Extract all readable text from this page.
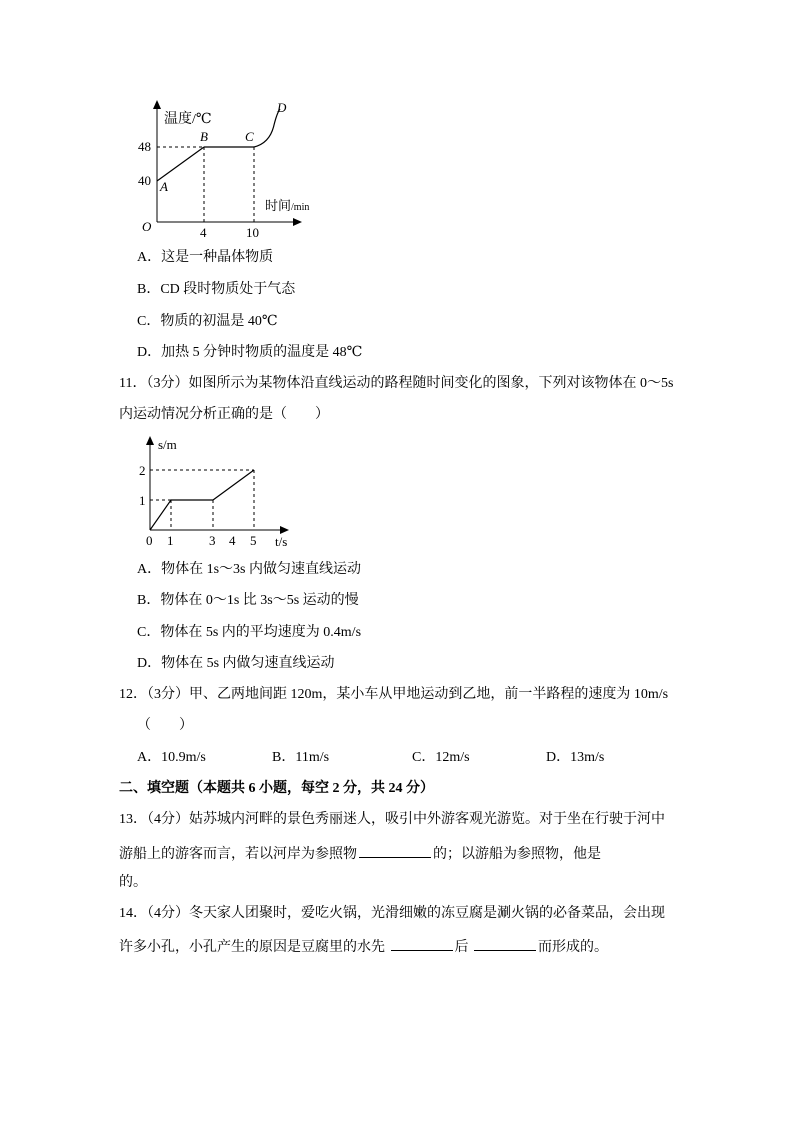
温度/℃
时间/min
O
48
40
4	10
A
B	C
D
A．这是一种晶体物质
B．CD 段时物质处于气态
C．物质的初温是 40℃
D．加热 5 分钟时物质的温度是 48℃
11．（3分）如图所示为某物体沿直线运动的路程随时间变化的图象，下列对该物体在 0～5s
内运动情况分析正确的是（　　）
s/m
t/s
2
1
0 1	3 4 5
A．物体在 1s～3s 内做匀速直线运动
B．物体在 0～1s 比 3s～5s 运动的慢
C．物体在 5s 内的平均速度为 0.4m/s
D．物体在 5s 内做匀速直线运动
12．（3分）甲、乙两地间距 120m，某小车从甲地运动到乙地，前一半路程的速度为 10m/s
（　　）
A．10.9m/s	B．11m/s	C．12m/s	D．13m/s
二、填空题（本题共 6 小题，每空 2 分，共 24 分）
13．（4分）姑苏城内河畔的景色秀丽迷人，吸引中外游客观光游览。对于坐在行驶于河中
游船上的游客而言，若以河岸为参照物	的；以游船为参照物，他是
的。
14．（4分）冬天家人团聚时，爱吃火锅，光滑细嫩的冻豆腐是涮火锅的必备菜品，会出现
许多小孔，小孔产生的原因是豆腐里的水先	后	而形成的。
